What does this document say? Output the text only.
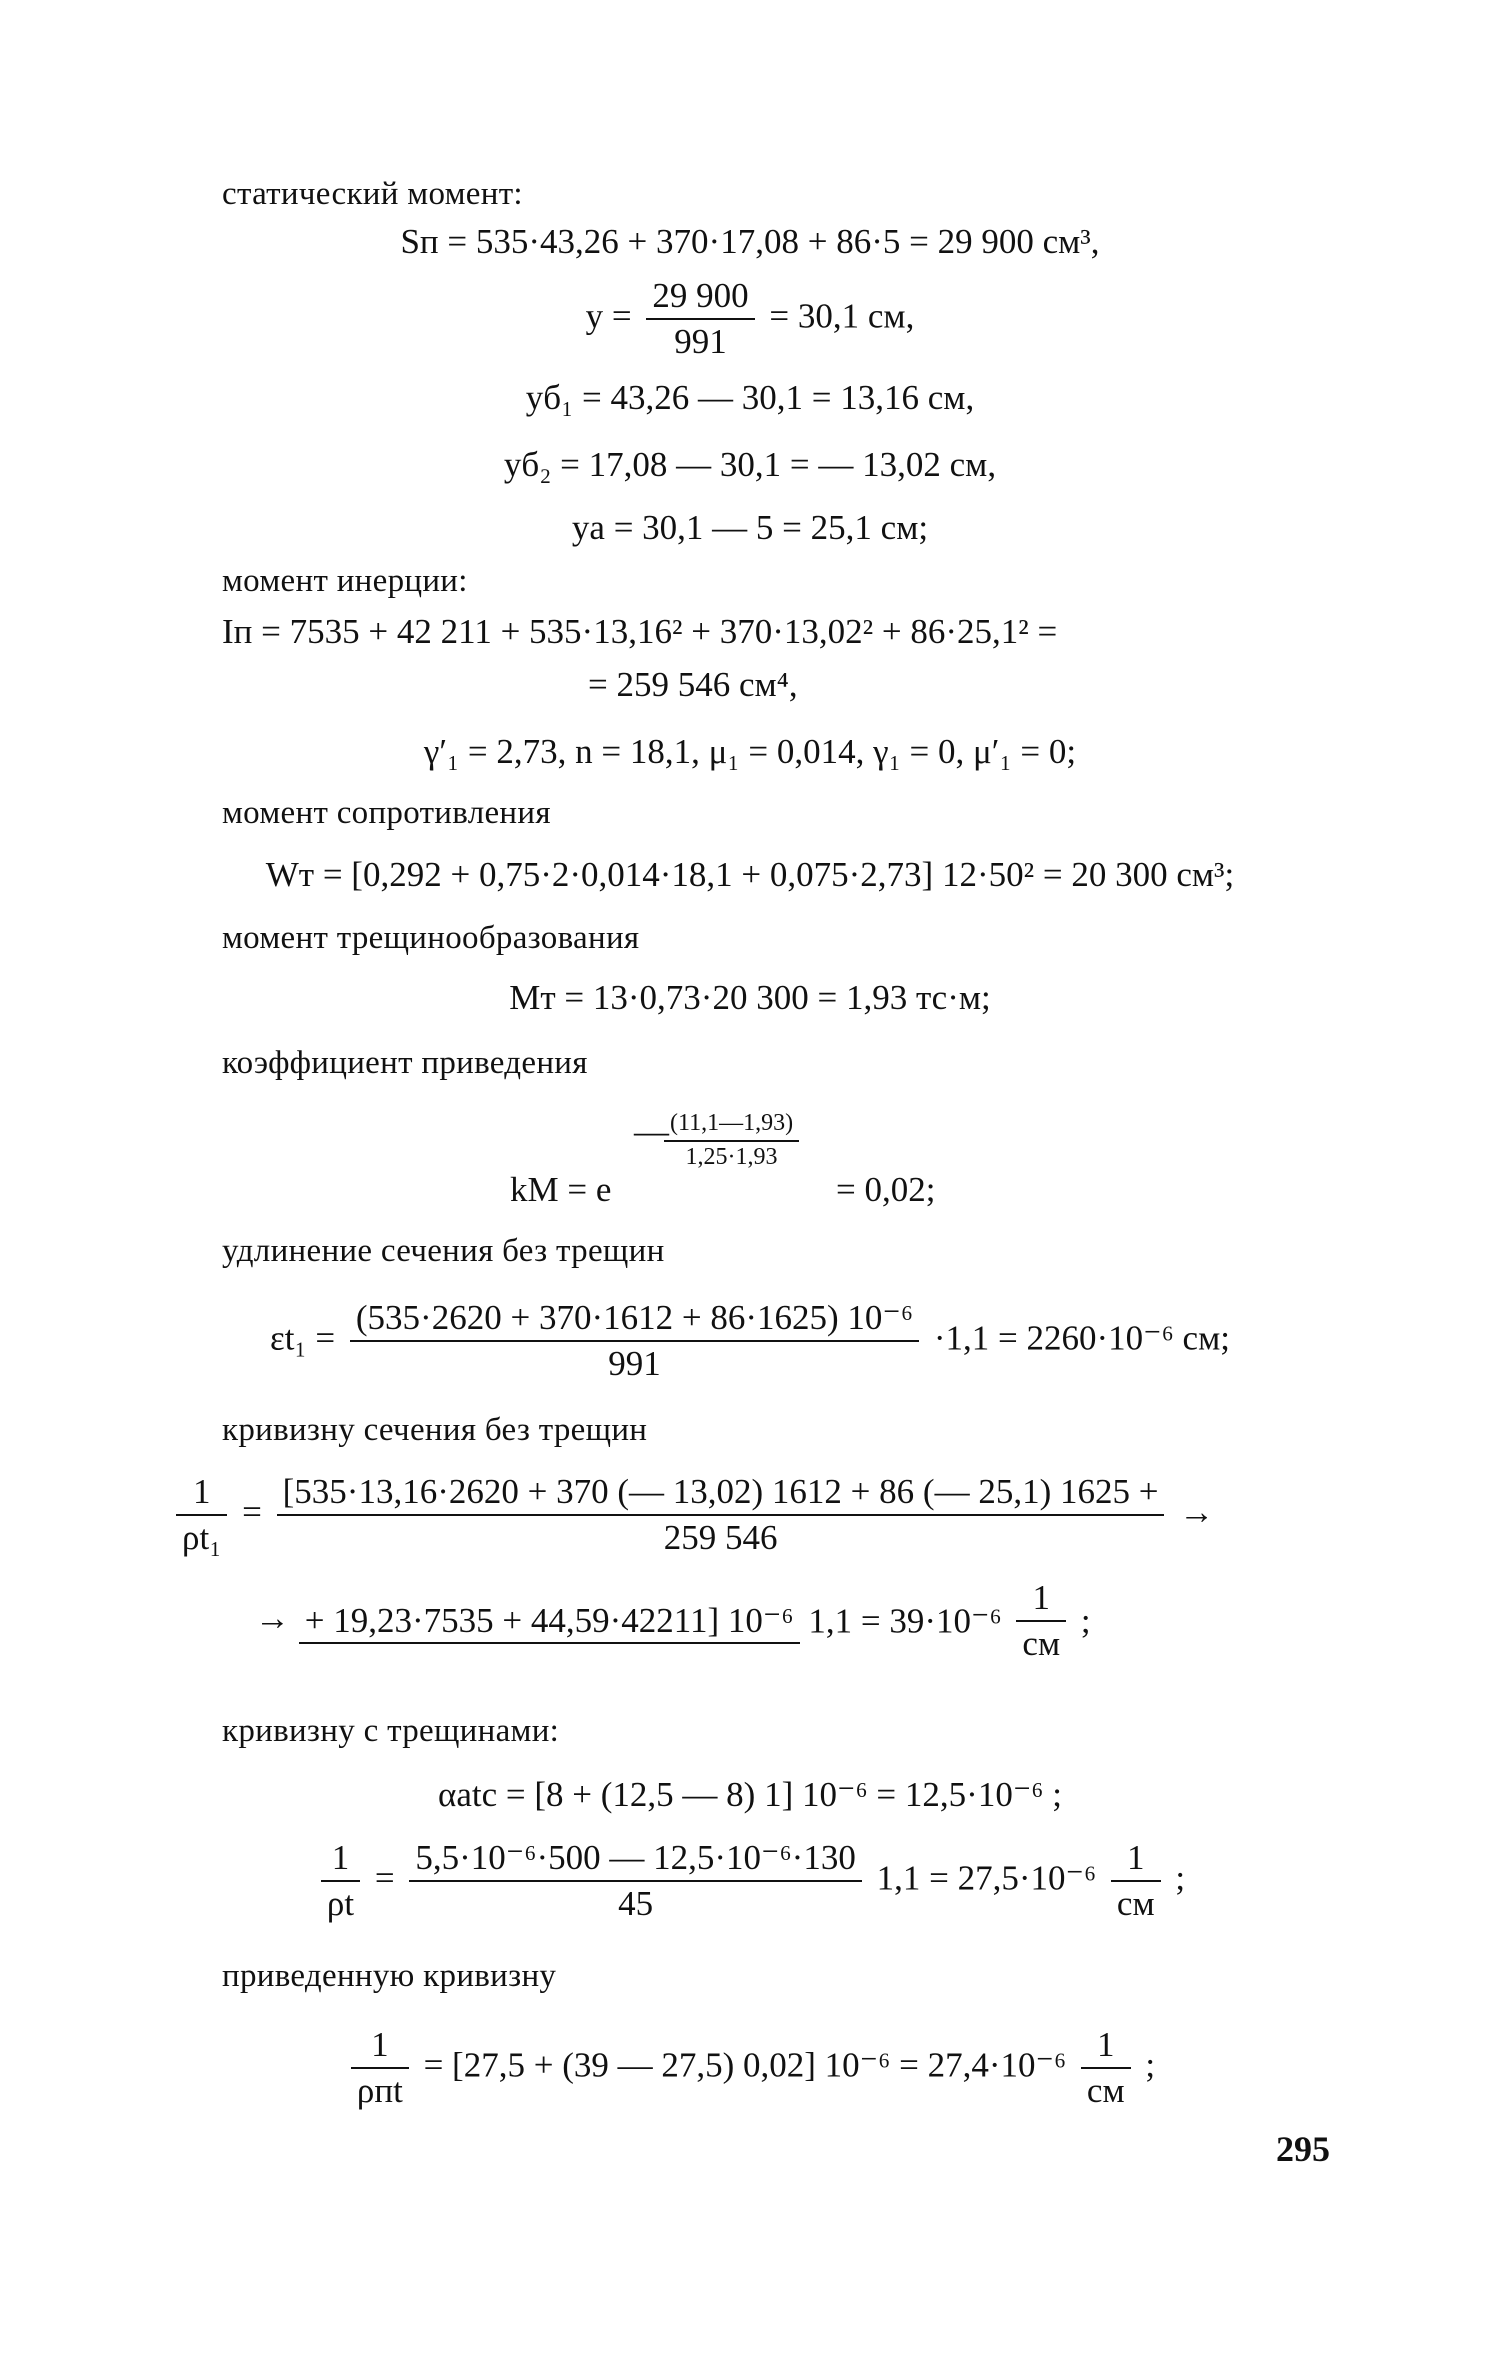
статический момент:
Sп = 535·43,26 + 370·17,08 + 86·5 = 29 900 см³,
$y = \frac{29 900}{991} = 30,1$ см,
yб₁ = 43,26 — 30,1 = 13,16 см,
yб₂ = 17,08 — 30,1 = — 13,02 см,
yа = 30,1 — 5 = 25,1 см;
момент инерции:
Iп = 7535 + 42 211 + 535·13,16² + 370·13,02² + 86·25,1² =
= 259 546 см⁴,
γ′₁ = 2,73, n = 18,1, μ₁ = 0,014, γ₁ = 0, μ′₁ = 0;
момент сопротивления
Wт = [0,292 + 0,75·2·0,014·18,1 + 0,075·2,73] 12·50² = 20 300 см³;
момент трещинообразования
Mт = 13·0,73·20 300 = 1,93 тс·м;
коэффициент приведения
kM = e
—
$\frac{(11,1—1,93)}{1,25\cdot 1,93}$
= 0,02;
удлинение сечения без трещин
$\varepsilon t_1 = \frac{\text{(535·2620 + 370·1612 + 86·1625) 10⁻⁶}}{991} \cdot 1,1 = 2260\cdot 10^{-6}$ см;
кривизну сечения без трещин
$\frac{1}{\text{ρt₁}} = \frac{[535\cdot 13,16\cdot 2620 + 370 (— 13,02) 1612 + 86 (— 25,1) 1625 +}{259 546}$ →
→ + 19,23·7535 + 44,59·42211] 10⁻⁶ $1,1 = 39\cdot 10^{-6} \frac{1}{см}$ ;
кривизну с трещинами:
αatc = [8 + (12,5 — 8) 1] 10⁻⁶ = 12,5·10⁻⁶ ;
$\frac{1}{\rho t} = \frac{\text{5,5·10⁻⁶·500 — 12,5·10⁻⁶·130}}{45} 1,1 = 27,5\cdot 10^{-6} \frac{1}{см}$ ;
приведенную кривизну
$\frac{1}{\text{ρпt}} = [27,5 + (39$ — 27,5) 0,02] $10^{-6} = 27,4\cdot 10^{-6} \frac{1}{см}$ ;
295
